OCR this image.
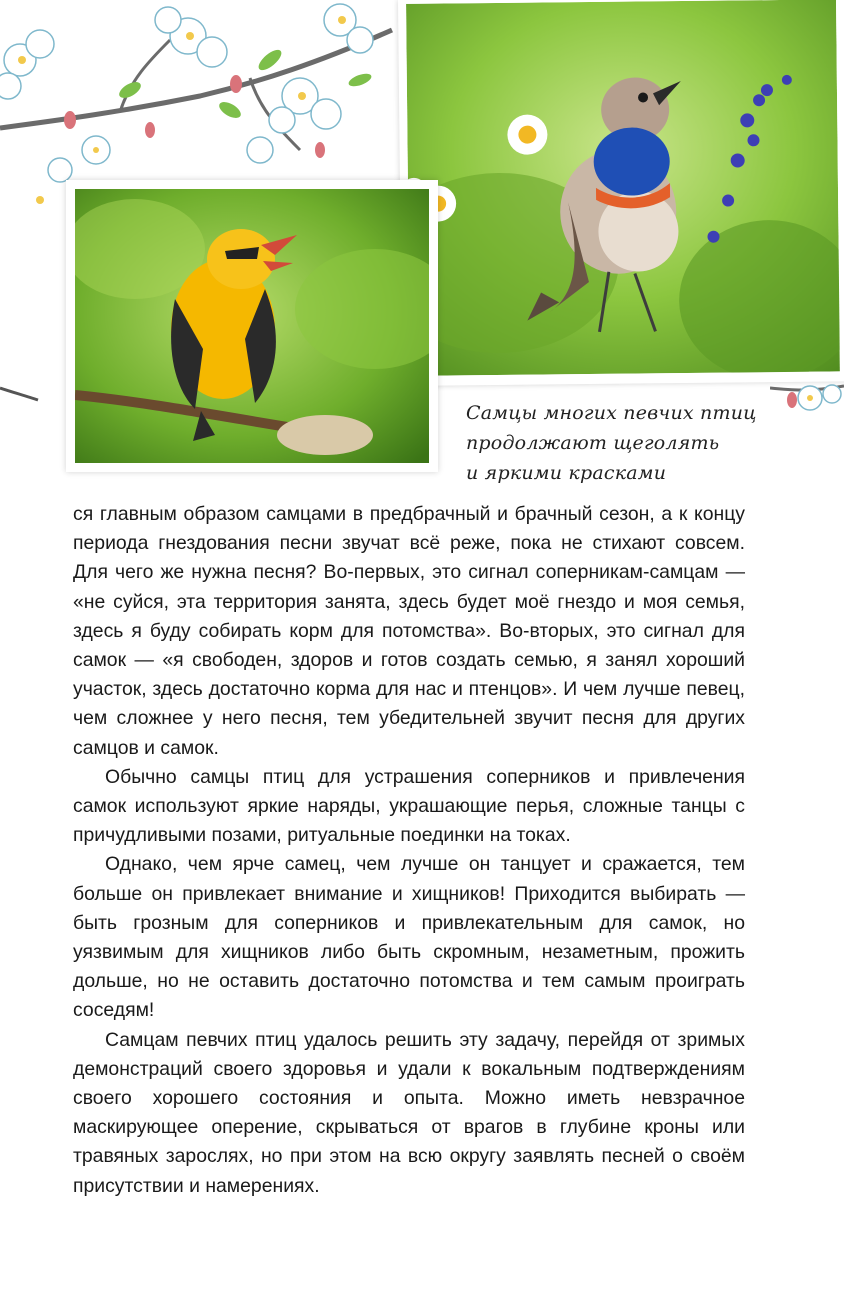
Самцы многих певчих птиц
продолжают щеголять
и яркими красками

ся главным образом самцами в предбрачный и брачный сезон, а к концу периода гнездования песни звучат всё реже, пока не стихают совсем. Для чего же нужна песня? Во-первых, это сигнал соперникам-самцам — «не суйся, эта территория занята, здесь будет моё гнездо и моя семья, здесь я буду собирать корм для потомства». Во-вторых, это сигнал для самок — «я свободен, здоров и готов создать семью, я занял хороший участок, здесь достаточно корма для нас и птенцов». И чем лучше певец, чем сложнее у него песня, тем убедительней звучит песня для других самцов и самок.

Обычно самцы птиц для устрашения соперников и привлечения самок используют яркие наряды, украшающие перья, сложные танцы с причудливыми позами, ритуальные поединки на токах.

Однако, чем ярче самец, чем лучше он танцует и сражается, тем больше он привлекает внимание и хищников! Приходится выбирать — быть грозным для соперников и привлекательным для самок, но уязвимым для хищников либо быть скромным, незаметным, прожить дольше, но не оставить достаточно потомства и тем самым проиграть соседям!

Самцам певчих птиц удалось решить эту задачу, перейдя от зримых демонстраций своего здоровья и удали к вокальным подтверждениям своего хорошего состояния и опыта. Можно иметь невзрачное маскирующее оперение, скрываться от врагов в глубине кроны или травяных зарослях, но при этом на всю округу заявлять песней о своём присутствии и намерениях.
